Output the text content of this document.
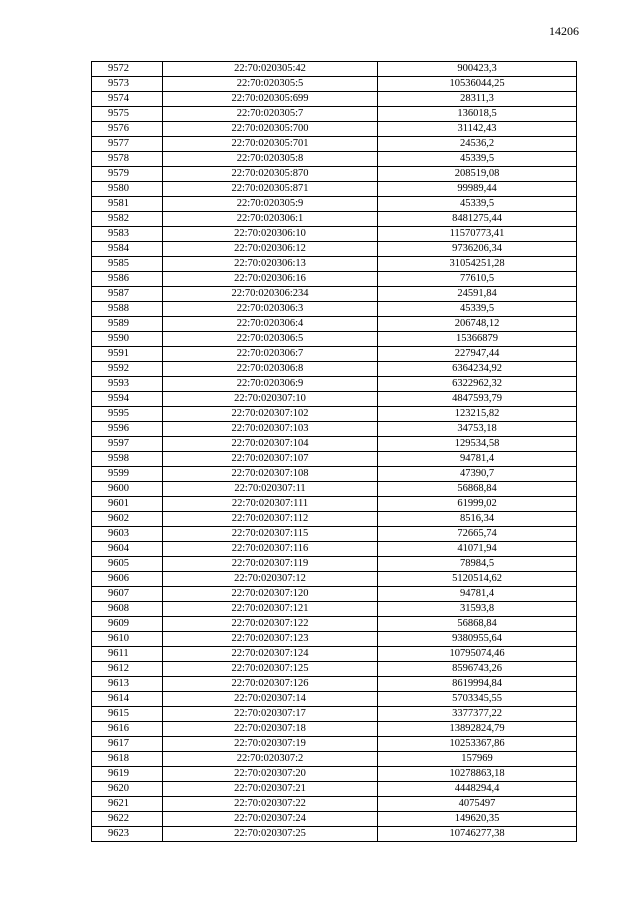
14206
9572	22:70:020305:42	900423,3
9573	22:70:020305:5	10536044,25
9574	22:70:020305:699	28311,3
9575	22:70:020305:7	136018,5
9576	22:70:020305:700	31142,43
9577	22:70:020305:701	24536,2
9578	22:70:020305:8	45339,5
9579	22:70:020305:870	208519,08
9580	22:70:020305:871	99989,44
9581	22:70:020305:9	45339,5
9582	22:70:020306:1	8481275,44
9583	22:70:020306:10	11570773,41
9584	22:70:020306:12	9736206,34
9585	22:70:020306:13	31054251,28
9586	22:70:020306:16	77610,5
9587	22:70:020306:234	24591,84
9588	22:70:020306:3	45339,5
9589	22:70:020306:4	206748,12
9590	22:70:020306:5	15366879
9591	22:70:020306:7	227947,44
9592	22:70:020306:8	6364234,92
9593	22:70:020306:9	6322962,32
9594	22:70:020307:10	4847593,79
9595	22:70:020307:102	123215,82
9596	22:70:020307:103	34753,18
9597	22:70:020307:104	129534,58
9598	22:70:020307:107	94781,4
9599	22:70:020307:108	47390,7
9600	22:70:020307:11	56868,84
9601	22:70:020307:111	61999,02
9602	22:70:020307:112	8516,34
9603	22:70:020307:115	72665,74
9604	22:70:020307:116	41071,94
9605	22:70:020307:119	78984,5
9606	22:70:020307:12	5120514,62
9607	22:70:020307:120	94781,4
9608	22:70:020307:121	31593,8
9609	22:70:020307:122	56868,84
9610	22:70:020307:123	9380955,64
9611	22:70:020307:124	10795074,46
9612	22:70:020307:125	8596743,26
9613	22:70:020307:126	8619994,84
9614	22:70:020307:14	5703345,55
9615	22:70:020307:17	3377377,22
9616	22:70:020307:18	13892824,79
9617	22:70:020307:19	10253367,86
9618	22:70:020307:2	157969
9619	22:70:020307:20	10278863,18
9620	22:70:020307:21	4448294,4
9621	22:70:020307:22	4075497
9622	22:70:020307:24	149620,35
9623	22:70:020307:25	10746277,38
